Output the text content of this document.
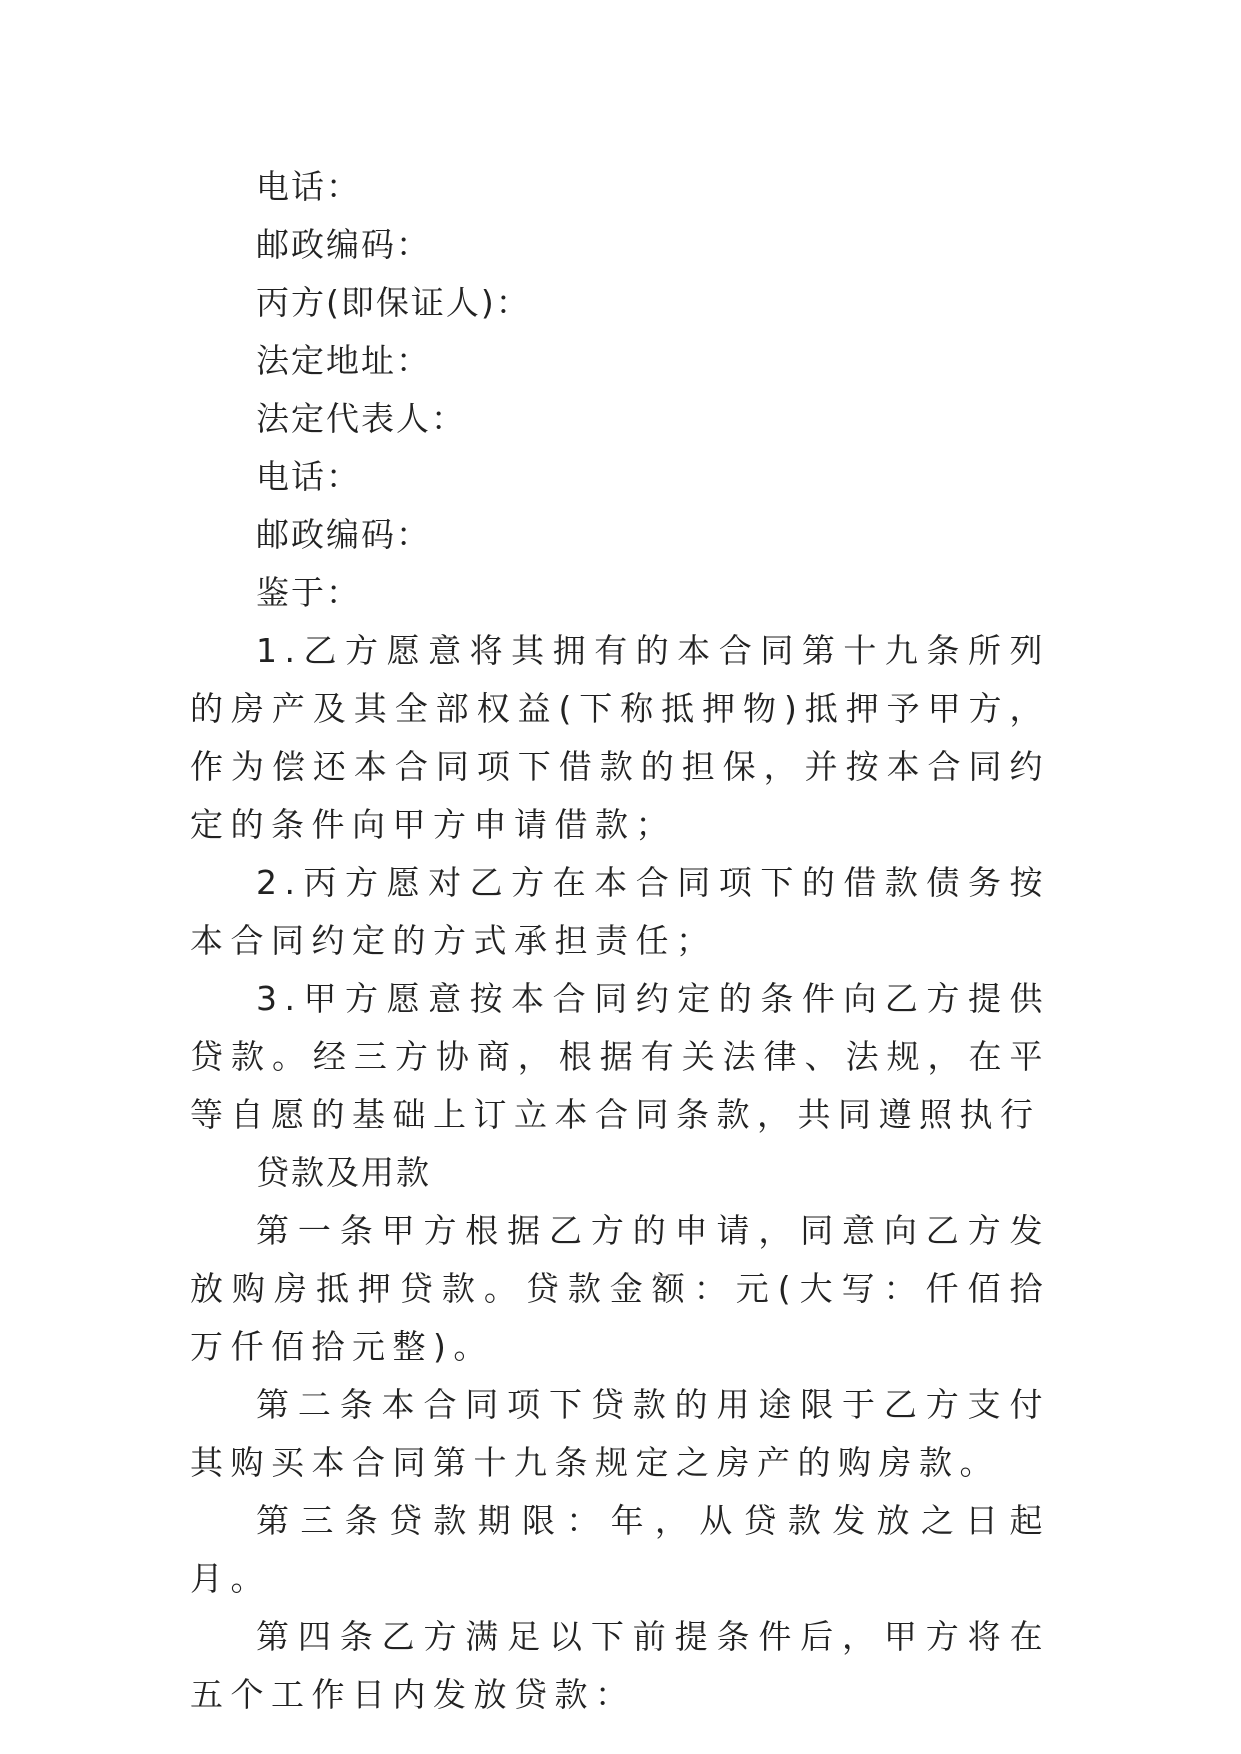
电话：
邮政编码：
丙方(即保证人)：
法定地址：
法定代表人：
电话：
邮政编码：
鉴于：
1.乙方愿意将其拥有的本合同第十九条所列的房产及其全部权益(下称抵押物)抵押予甲方，作为偿还本合同项下借款的担保，并按本合同约定的条件向甲方申请借款；
2.丙方愿对乙方在本合同项下的借款债务按本合同约定的方式承担责任；
3.甲方愿意按本合同约定的条件向乙方提供贷款。经三方协商，根据有关法律、法规，在平等自愿的基础上订立本合同条款，共同遵照执行
贷款及用款
第一条甲方根据乙方的申请，同意向乙方发放购房抵押贷款。贷款金额：元(大写：仟佰拾万仟佰拾元整)。
第二条本合同项下贷款的用途限于乙方支付其购买本合同第十九条规定之房产的购房款。
第三条贷款期限：年，从贷款发放之日起月。
第四条乙方满足以下前提条件后，甲方将在五个工作日内发放贷款：
